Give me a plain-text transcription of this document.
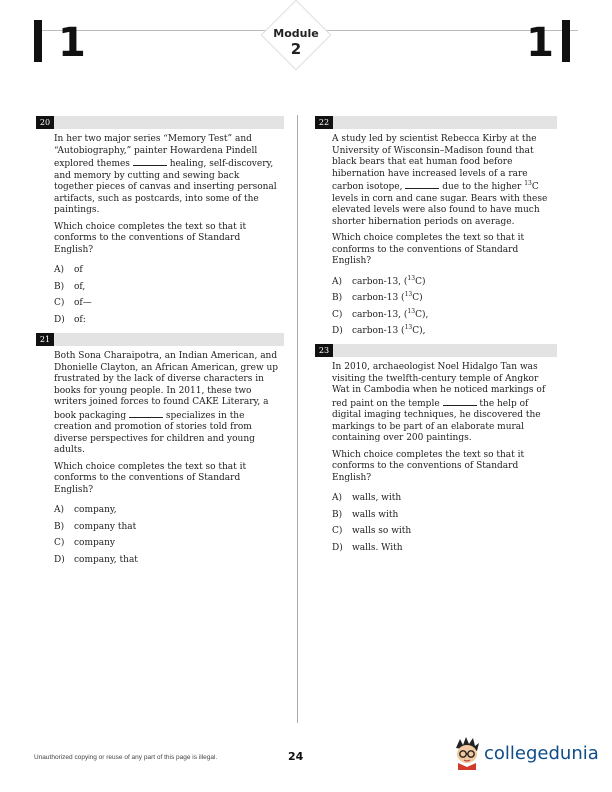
1	Module
2	1
20

In her two major series “Memory Test” and “Autobiography,” painter Howardena Pindell explored themes	healing, self-discovery, and memory by cutting and sewing back together pieces of canvas and inserting personal artifacts, such as postcards, into some of the paintings.

Which choice completes the text so that it conforms to the conventions of Standard English?

A)	of
B)	of,
C)	of—
D)	of:
21

Both Sona Charaipotra, an Indian American, and Dhonielle Clayton, an African American, grew up frustrated by the lack of diverse characters in books for young people. In 2011, these two writers joined forces to found CAKE Literary, a book packaging	specializes in the creation and promotion of stories told from diverse perspectives for children and young adults.

Which choice completes the text so that it conforms to the conventions of Standard English?

A)	company,
B)	company that
C)	company
D)	company, that
22

A study led by scientist Rebecca Kirby at the University of Wisconsin–Madison found that black bears that eat human food before hibernation have increased levels of a rare carbon isotope,	due to the higher $^{13}$C levels in corn and cane sugar. Bears with these elevated levels were also found to have much shorter hibernation periods on average.

Which choice completes the text so that it conforms to the conventions of Standard English?

A)	carbon-13, ($^{13}$C)
B)	carbon-13 ($^{13}$C)
C)	carbon-13, ($^{13}$C),
D)	carbon-13 ($^{13}$C),
23

In 2010, archaeologist Noel Hidalgo Tan was visiting the twelfth-century temple of Angkor Wat in Cambodia when he noticed markings of red paint on the temple	the help of digital imaging techniques, he discovered the markings to be part of an elaborate mural containing over 200 paintings.

Which choice completes the text so that it conforms to the conventions of Standard English?

A)	walls, with
B)	walls with
C)	walls so with
D)	walls. With
Unauthorized copying or reuse of any part of this page is illegal.	24	collegedunia
